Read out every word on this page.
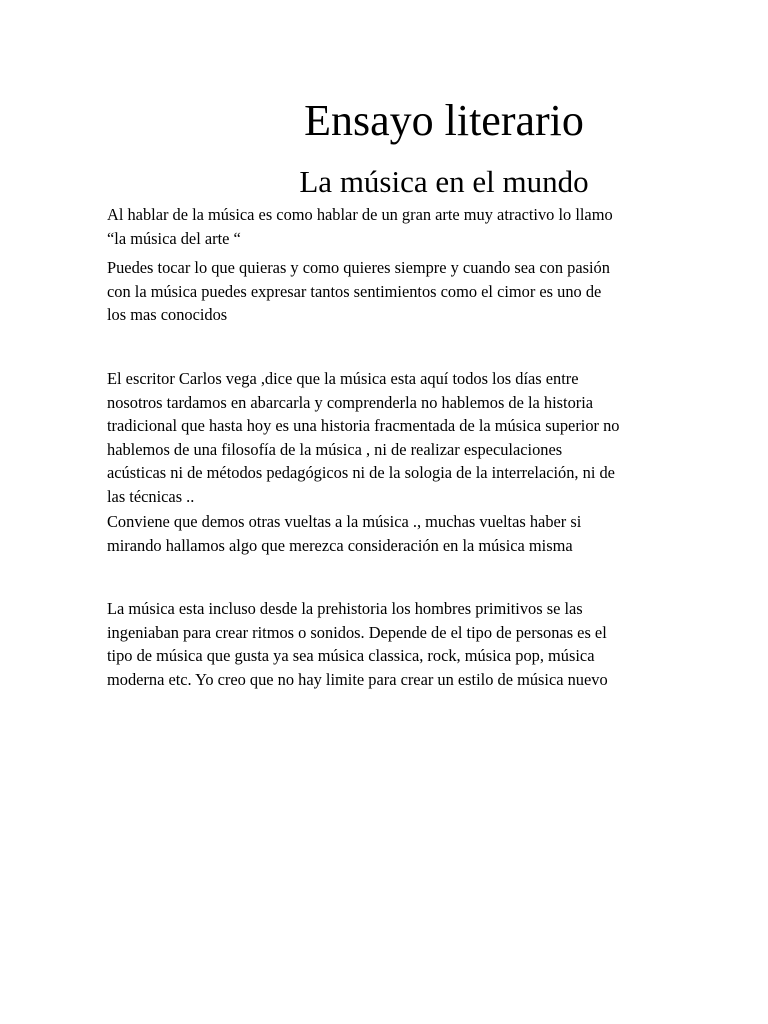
Ensayo literario
La música en el mundo

Al hablar de la música es como hablar de un gran arte muy atractivo lo llamo
“la música del arte “

Puedes tocar lo que quieras y como quieres siempre y cuando sea con pasión
con la música puedes expresar tantos sentimientos como el cimor es uno de
los mas conocidos

El escritor Carlos vega ,dice que la música esta aquí todos los días entre
nosotros tardamos en abarcarla y comprenderla no hablemos de la historia
tradicional que hasta hoy es una historia fracmentada de la música superior no
hablemos de una filosofía de la música , ni de realizar especulaciones
acústicas ni de métodos pedagógicos ni de la sologia de la interrelación, ni de
las técnicas ..

Conviene que demos otras vueltas a la música ., muchas vueltas haber si
mirando hallamos algo que merezca consideración en la música misma

La música esta incluso desde la prehistoria los hombres primitivos se las
ingeniaban para crear ritmos o sonidos. Depende de el tipo de personas es el
tipo de música que gusta ya sea música classica, rock, música pop, música
moderna etc. Yo creo que no hay limite para crear un estilo de música nuevo
